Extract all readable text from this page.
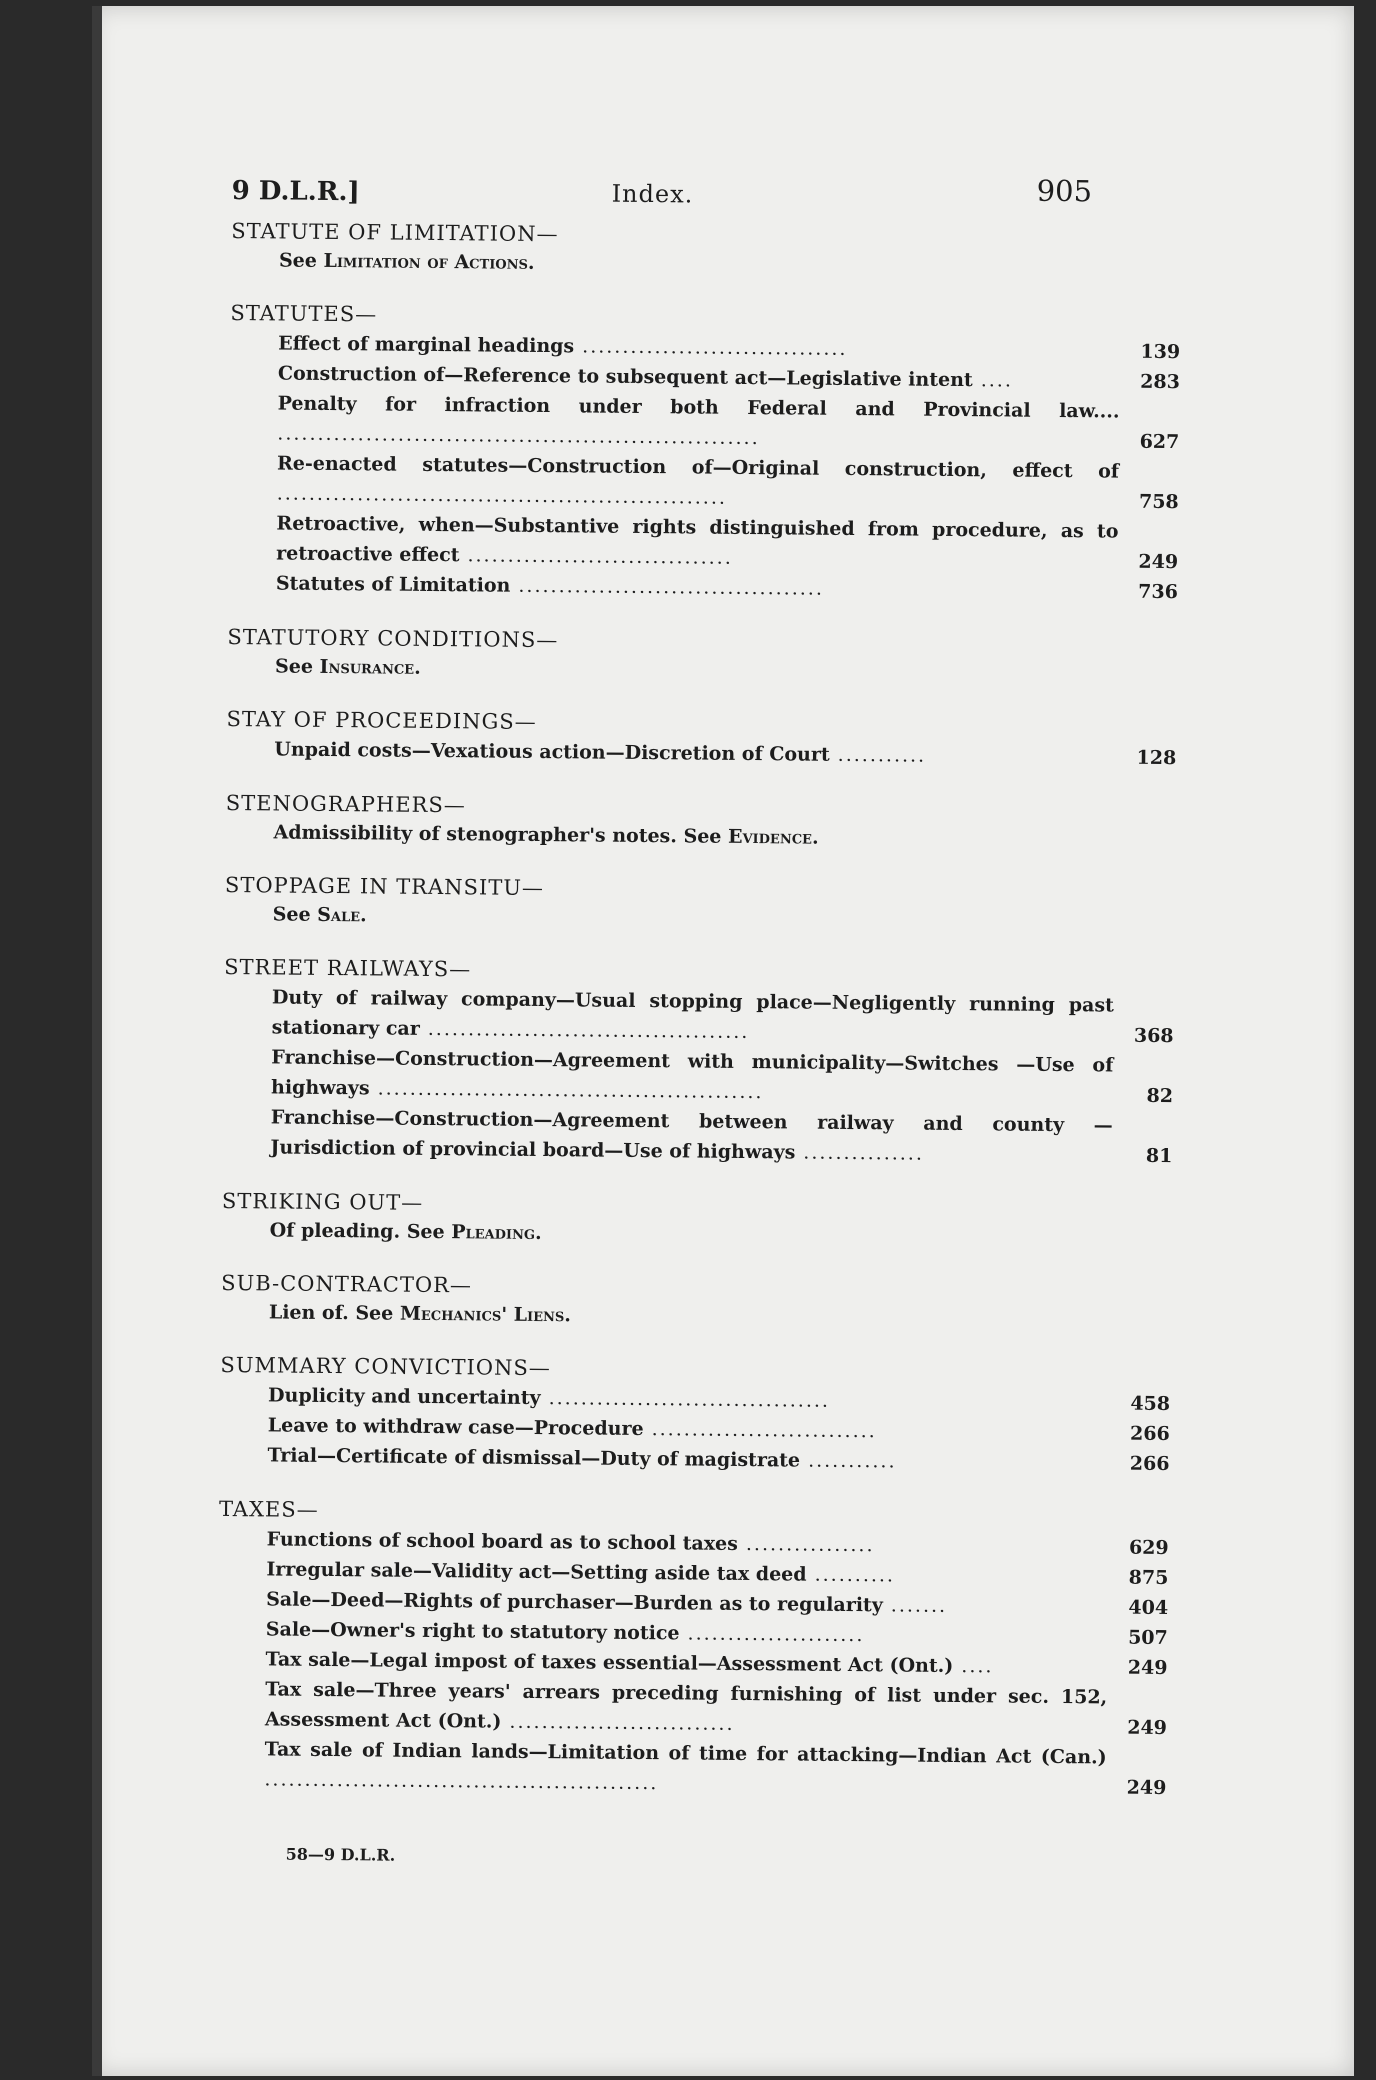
9 D.L.R.]	Index.	905
STATUTE OF LIMITATION—
See Limitation of Actions.
STATUTES—
Effect of marginal headings .................................	139
Construction of—Reference to subsequent act—Legislative intent ....	283
Penalty for infraction under both Federal and Provincial law.... ............................................................	627
Re-enacted statutes—Construction of—Original construction, effect of ........................................................	758
Retroactive, when—Substantive rights distinguished from procedure, as to retroactive effect .................................	249
Statutes of Limitation ......................................	736
STATUTORY CONDITIONS—
See Insurance.
STAY OF PROCEEDINGS—
Unpaid costs—Vexatious action—Discretion of Court ...........	128
STENOGRAPHERS—
Admissibility of stenographer's notes. See Evidence.
STOPPAGE IN TRANSITU—
See Sale.
STREET RAILWAYS—
Duty of railway company—Usual stopping place—Negligently running past stationary car ........................................	368
Franchise—Construction—Agreement with municipality—Switches —Use of highways ................................................	82
Franchise—Construction—Agreement between railway and county —Jurisdiction of provincial board—Use of highways ...............	81
STRIKING OUT—
Of pleading. See Pleading.
SUB-CONTRACTOR—
Lien of. See Mechanics' Liens.
SUMMARY CONVICTIONS—
Duplicity and uncertainty ...................................	458
Leave to withdraw case—Procedure ............................	266
Trial—Certificate of dismissal—Duty of magistrate ...........	266
TAXES—
Functions of school board as to school taxes ................	629
Irregular sale—Validity act—Setting aside tax deed ..........	875
Sale—Deed—Rights of purchaser—Burden as to regularity .......	404
Sale—Owner's right to statutory notice ......................	507
Tax sale—Legal impost of taxes essential—Assessment Act (Ont.) ....	249
Tax sale—Three years' arrears preceding furnishing of list under sec. 152, Assessment Act (Ont.) ............................	249
Tax sale of Indian lands—Limitation of time for attacking—Indian Act (Can.) .................................................	249
58—9 D.L.R.
